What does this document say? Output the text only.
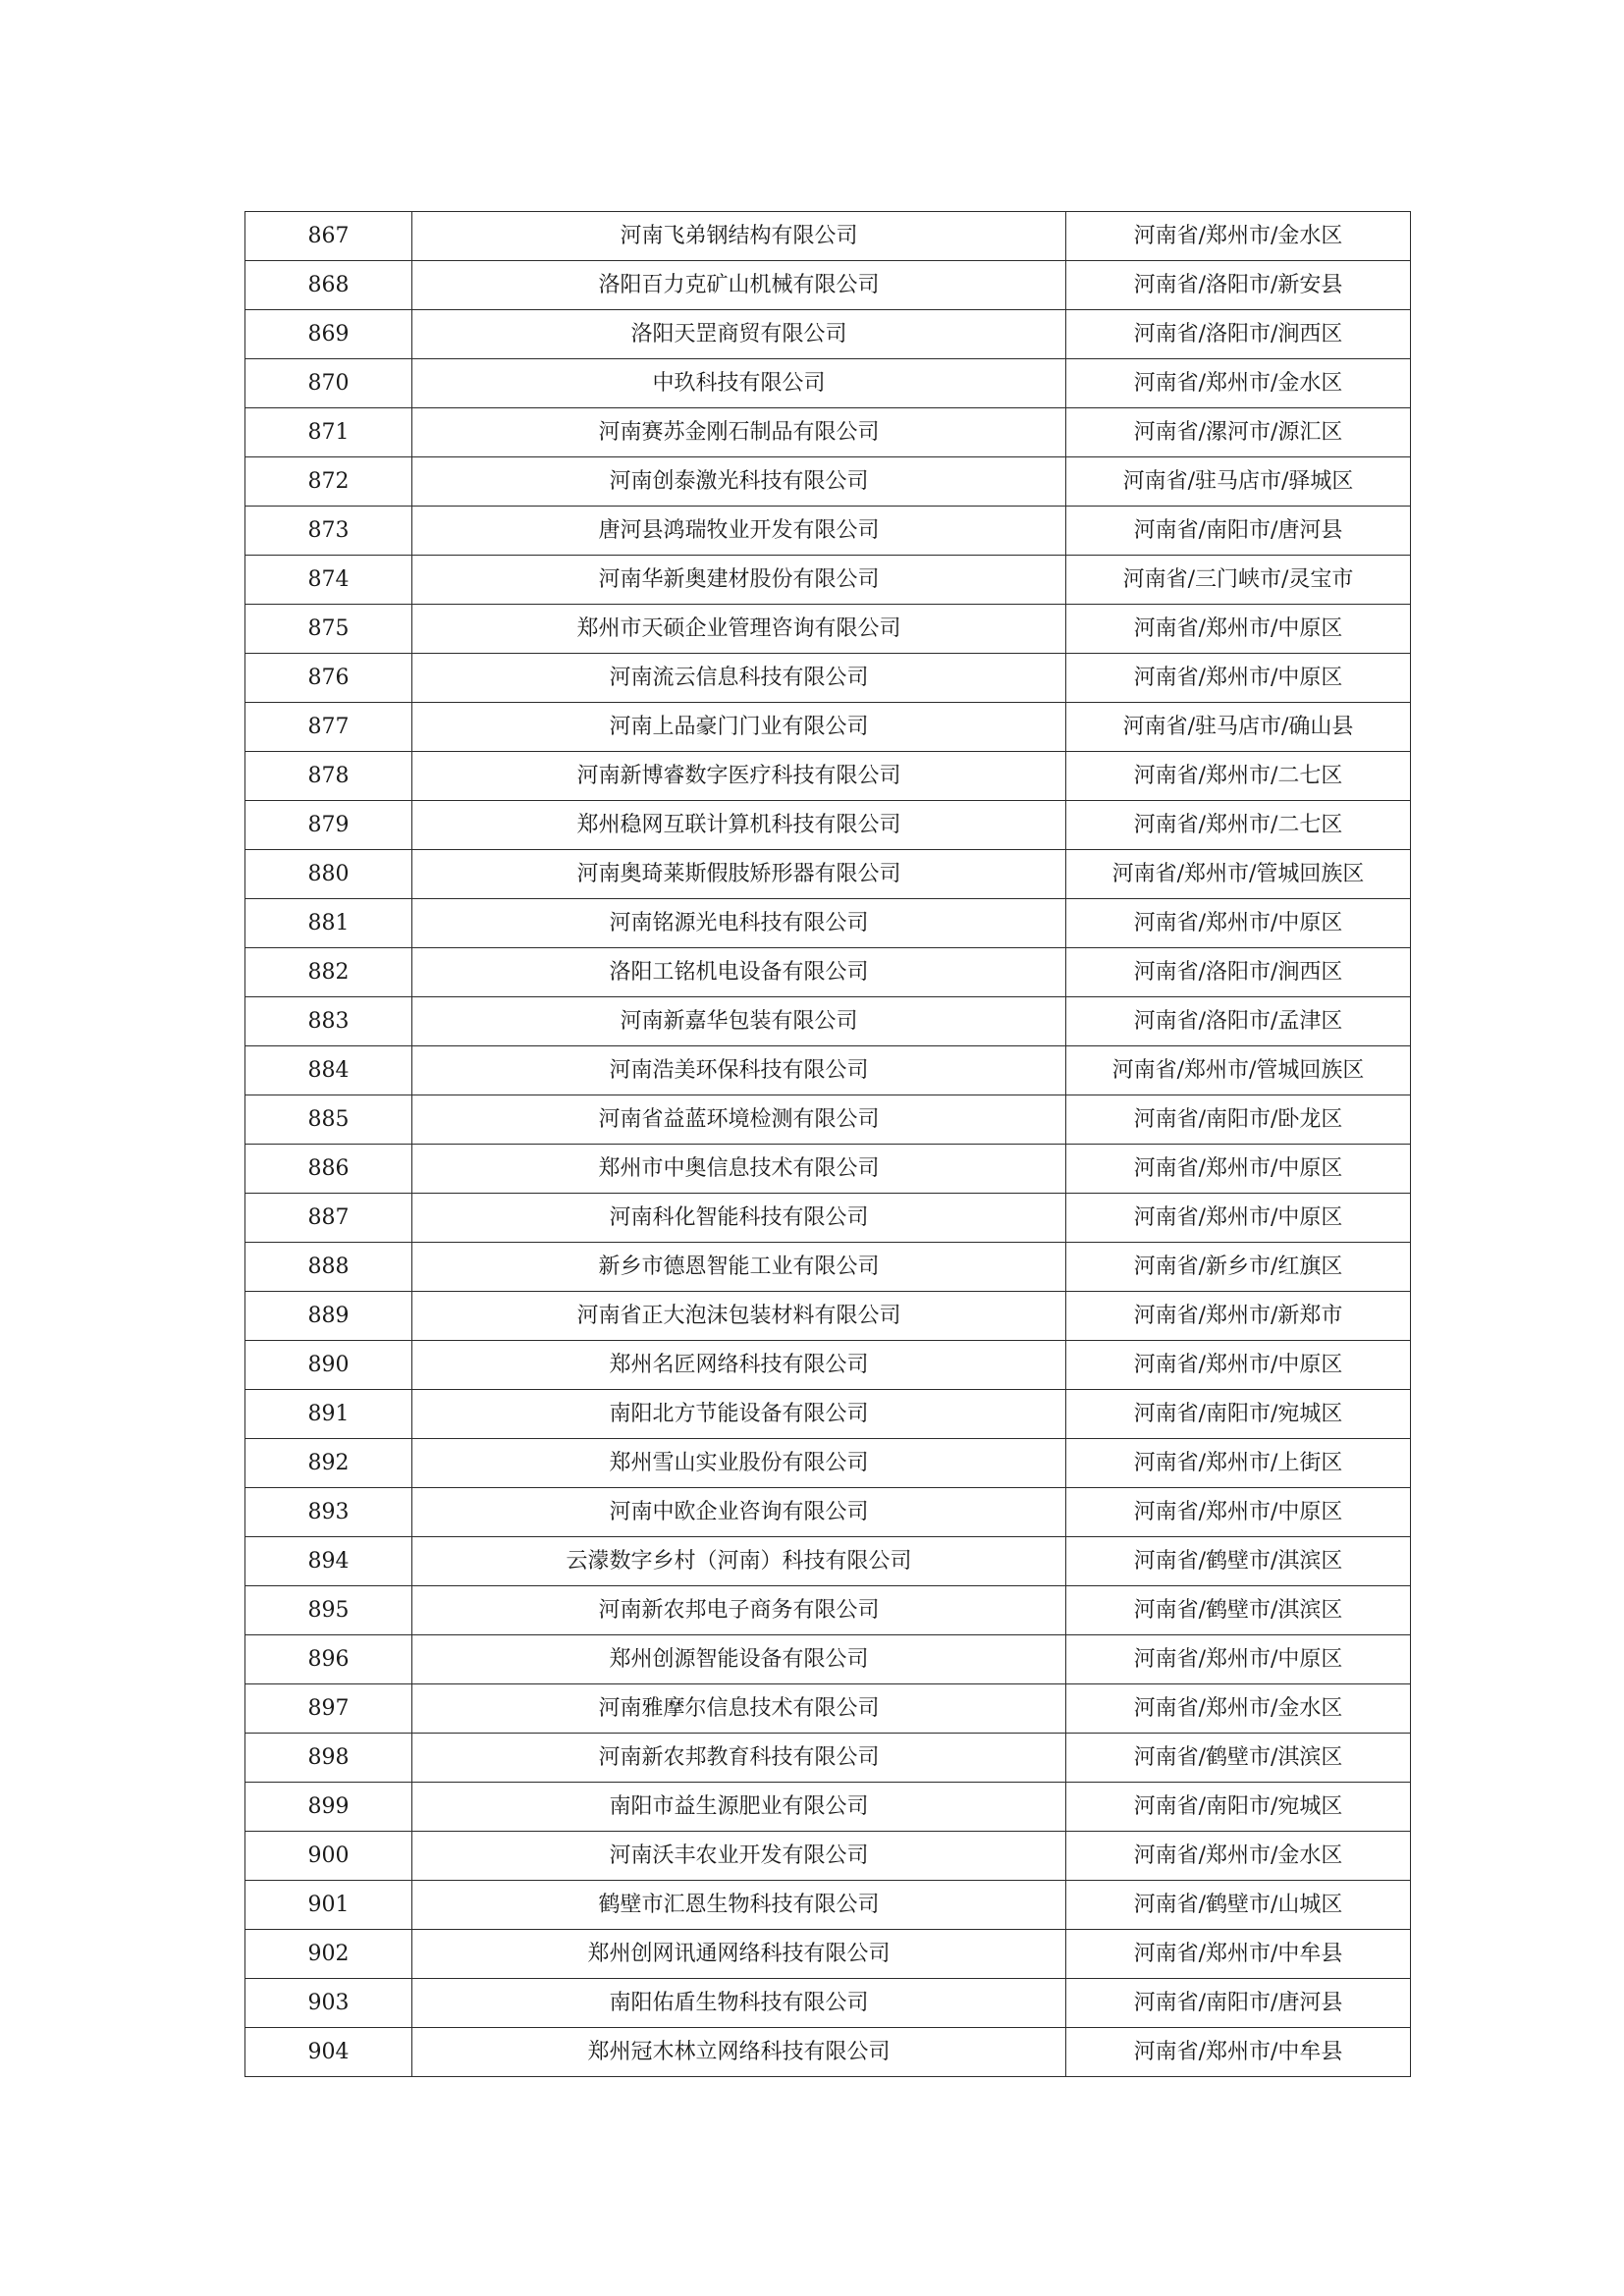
867	河南飞弟钢结构有限公司	河南省/郑州市/金水区
868	洛阳百力克矿山机械有限公司	河南省/洛阳市/新安县
869	洛阳天罡商贸有限公司	河南省/洛阳市/涧西区
870	中玖科技有限公司	河南省/郑州市/金水区
871	河南赛苏金刚石制品有限公司	河南省/漯河市/源汇区
872	河南创泰激光科技有限公司	河南省/驻马店市/驿城区
873	唐河县鸿瑞牧业开发有限公司	河南省/南阳市/唐河县
874	河南华新奥建材股份有限公司	河南省/三门峡市/灵宝市
875	郑州市天硕企业管理咨询有限公司	河南省/郑州市/中原区
876	河南流云信息科技有限公司	河南省/郑州市/中原区
877	河南上品豪门门业有限公司	河南省/驻马店市/确山县
878	河南新博睿数字医疗科技有限公司	河南省/郑州市/二七区
879	郑州稳网互联计算机科技有限公司	河南省/郑州市/二七区
880	河南奥琦莱斯假肢矫形器有限公司	河南省/郑州市/管城回族区
881	河南铭源光电科技有限公司	河南省/郑州市/中原区
882	洛阳工铭机电设备有限公司	河南省/洛阳市/涧西区
883	河南新嘉华包装有限公司	河南省/洛阳市/孟津区
884	河南浩美环保科技有限公司	河南省/郑州市/管城回族区
885	河南省益蓝环境检测有限公司	河南省/南阳市/卧龙区
886	郑州市中奥信息技术有限公司	河南省/郑州市/中原区
887	河南科化智能科技有限公司	河南省/郑州市/中原区
888	新乡市德恩智能工业有限公司	河南省/新乡市/红旗区
889	河南省正大泡沫包装材料有限公司	河南省/郑州市/新郑市
890	郑州名匠网络科技有限公司	河南省/郑州市/中原区
891	南阳北方节能设备有限公司	河南省/南阳市/宛城区
892	郑州雪山实业股份有限公司	河南省/郑州市/上街区
893	河南中欧企业咨询有限公司	河南省/郑州市/中原区
894	云濛数字乡村（河南）科技有限公司	河南省/鹤壁市/淇滨区
895	河南新农邦电子商务有限公司	河南省/鹤壁市/淇滨区
896	郑州创源智能设备有限公司	河南省/郑州市/中原区
897	河南雅摩尔信息技术有限公司	河南省/郑州市/金水区
898	河南新农邦教育科技有限公司	河南省/鹤壁市/淇滨区
899	南阳市益生源肥业有限公司	河南省/南阳市/宛城区
900	河南沃丰农业开发有限公司	河南省/郑州市/金水区
901	鹤壁市汇恩生物科技有限公司	河南省/鹤壁市/山城区
902	郑州创网讯通网络科技有限公司	河南省/郑州市/中牟县
903	南阳佑盾生物科技有限公司	河南省/南阳市/唐河县
904	郑州冠木林立网络科技有限公司	河南省/郑州市/中牟县
